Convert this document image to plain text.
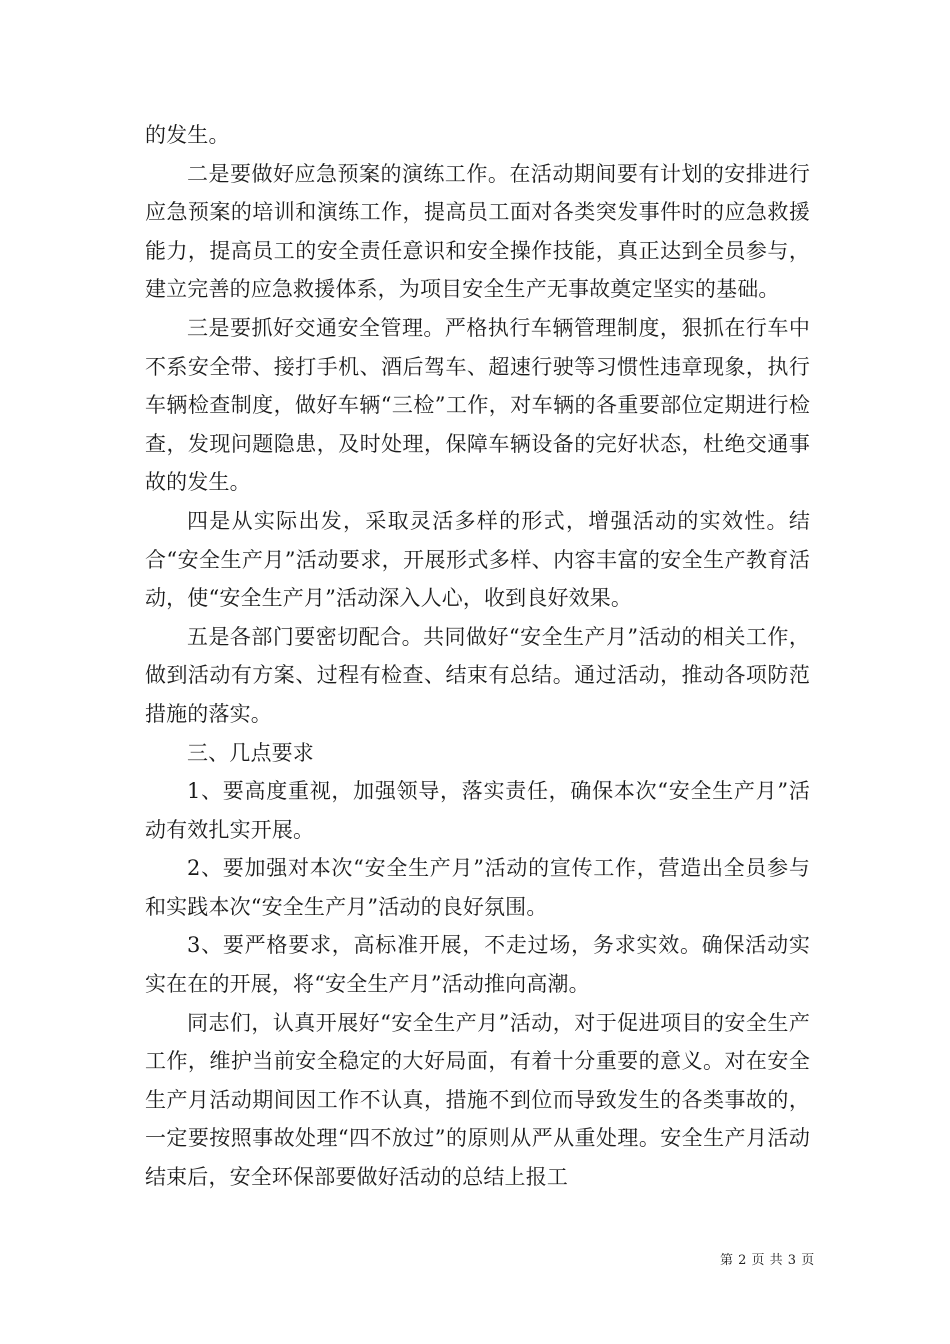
的发生。

二是要做好应急预案的演练工作。在活动期间要有计划的安排进行应急预案的培训和演练工作，提高员工面对各类突发事件时的应急救援能力，提高员工的安全责任意识和安全操作技能，真正达到全员参与，建立完善的应急救援体系，为项目安全生产无事故奠定坚实的基础。

三是要抓好交通安全管理。严格执行车辆管理制度，狠抓在行车中不系安全带、接打手机、酒后驾车、超速行驶等习惯性违章现象，执行车辆检查制度，做好车辆“三检”工作，对车辆的各重要部位定期进行检查，发现问题隐患，及时处理，保障车辆设备的完好状态，杜绝交通事故的发生。

四是从实际出发，采取灵活多样的形式，增强活动的实效性。结合“安全生产月”活动要求，开展形式多样、内容丰富的安全生产教育活动，使“安全生产月”活动深入人心，收到良好效果。

五是各部门要密切配合。共同做好“安全生产月”活动的相关工作，做到活动有方案、过程有检查、结束有总结。通过活动，推动各项防范措施的落实。

三、几点要求

1、要高度重视，加强领导，落实责任，确保本次“安全生产月”活动有效扎实开展。

2、要加强对本次“安全生产月”活动的宣传工作，营造出全员参与和实践本次“安全生产月”活动的良好氛围。

3、要严格要求，高标准开展，不走过场，务求实效。确保活动实实在在的开展，将“安全生产月”活动推向高潮。

同志们，认真开展好“安全生产月”活动，对于促进项目的安全生产工作，维护当前安全稳定的大好局面，有着十分重要的意义。对在安全生产月活动期间因工作不认真，措施不到位而导致发生的各类事故的，一定要按照事故处理“四不放过”的原则从严从重处理。安全生产月活动结束后，安全环保部要做好活动的总结上报工

第 2 页 共 3 页
